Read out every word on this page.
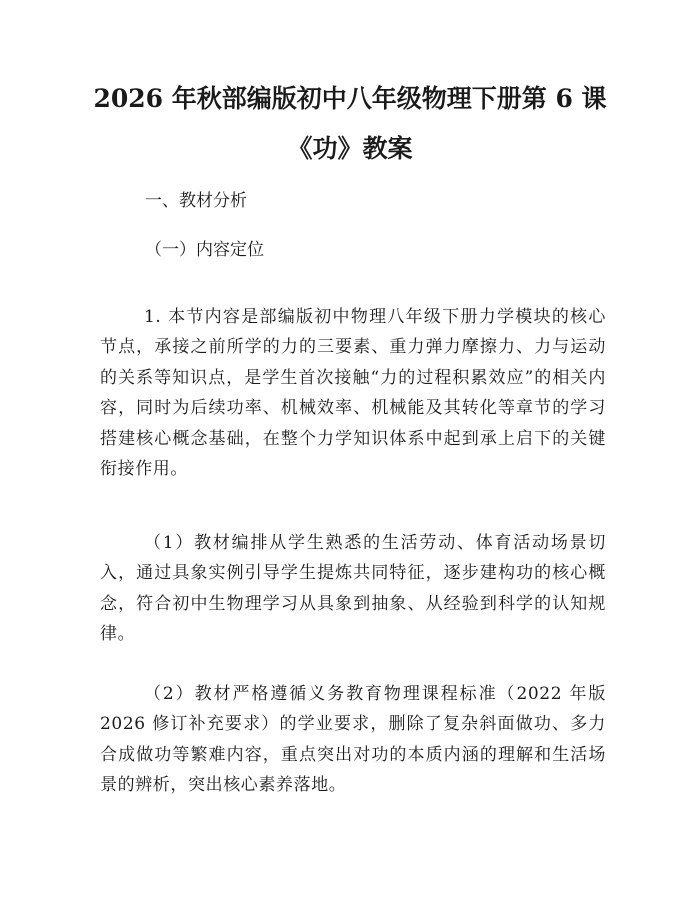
2026 年秋部编版初中八年级物理下册第 6 课
《功》教案
一、教材分析
（一）内容定位

1. 本节内容是部编版初中物理八年级下册力学模块的核心节点，承接之前所学的力的三要素、重力弹力摩擦力、力与运动的关系等知识点，是学生首次接触“力的过程积累效应”的相关内容，同时为后续功率、机械效率、机械能及其转化等章节的学习搭建核心概念基础，在整个力学知识体系中起到承上启下的关键衔接作用。

（1）教材编排从学生熟悉的生活劳动、体育活动场景切入，通过具象实例引导学生提炼共同特征，逐步建构功的核心概念，符合初中生物理学习从具象到抽象、从经验到科学的认知规律。

（2）教材严格遵循义务教育物理课程标准（2022 年版 2026 修订补充要求）的学业要求，删除了复杂斜面做功、多力合成做功等繁难内容，重点突出对功的本质内涵的理解和生活场景的辨析，突出核心素养落地。
